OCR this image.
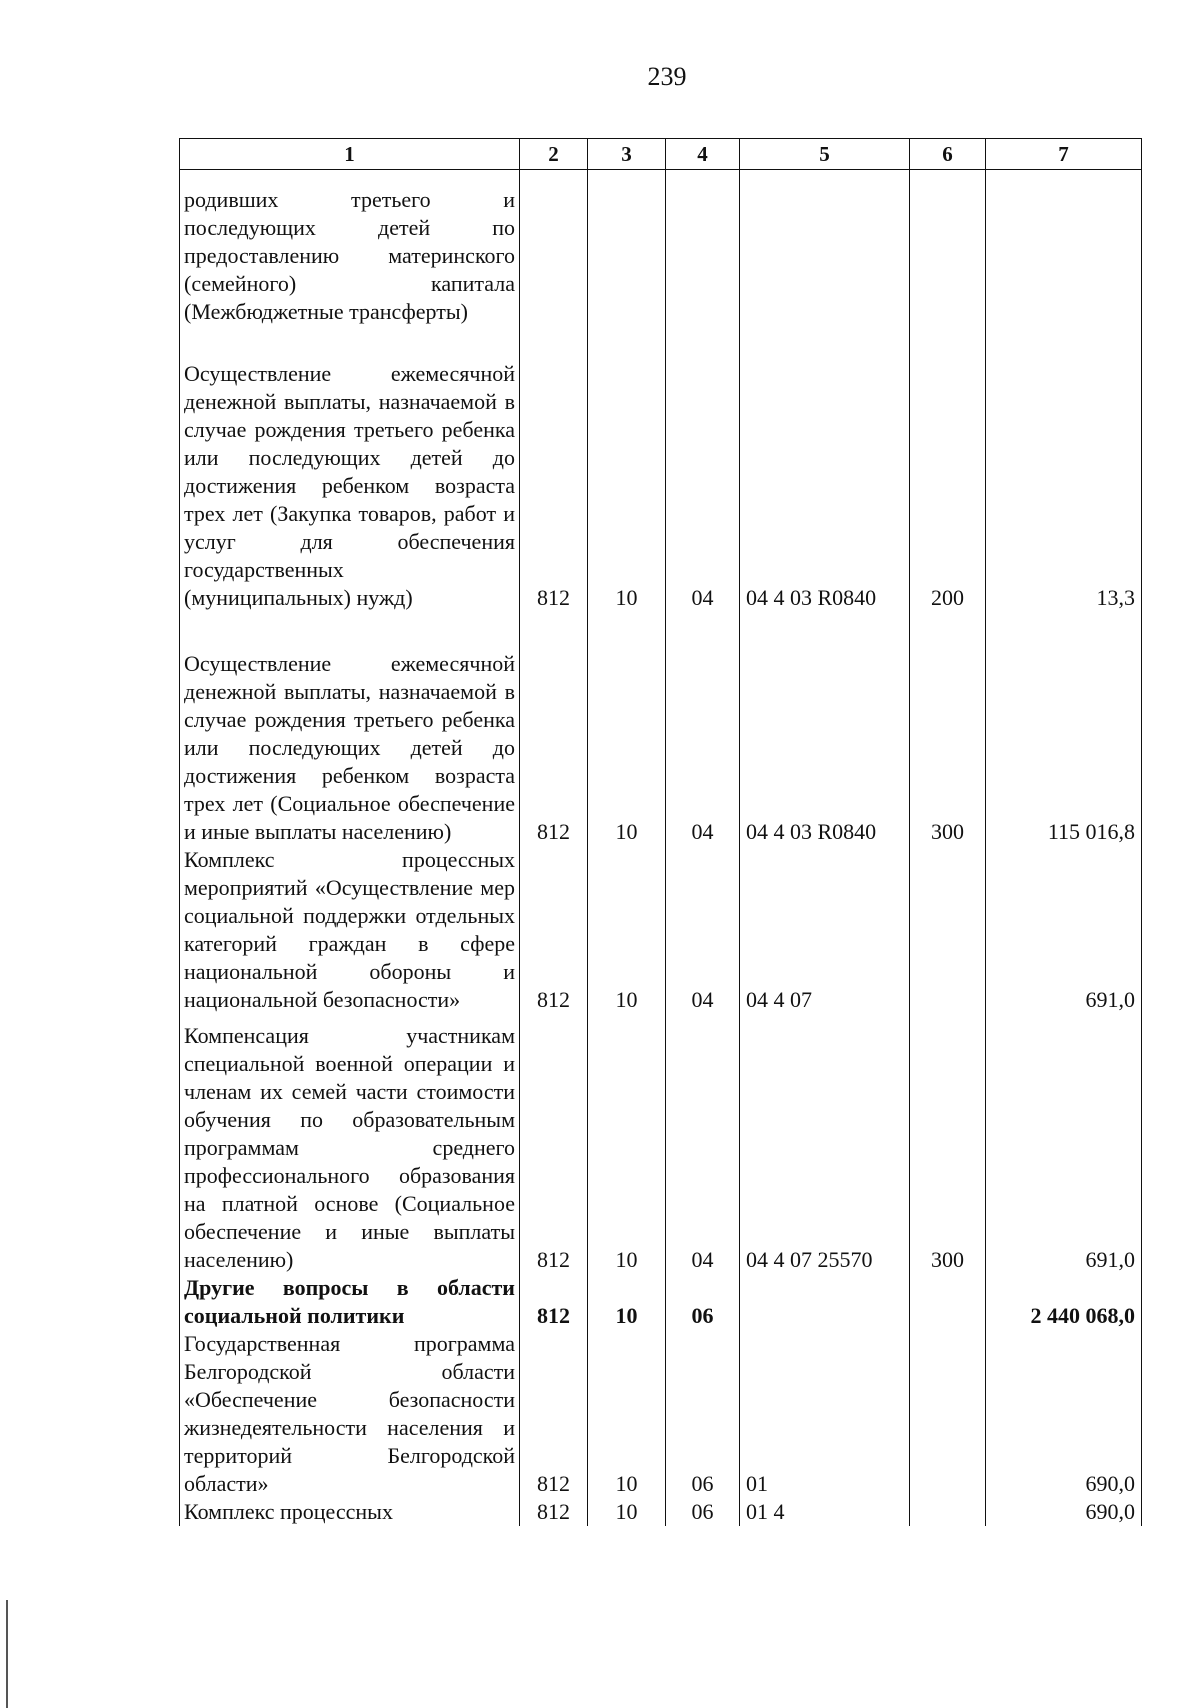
239
1	2	3	4	5	6	7
родивших третьего и последующих детей по предоставлению материнского (семейного) капитала (Межбюджетные трансферты)						
Осуществление ежемесячной денежной выплаты, назначаемой в случае рождения третьего ребенка или последующих детей до достижения ребенком возраста трех лет (Закупка товаров, работ и услуг для обеспечения государственных (муниципальных) нужд)	812	10	04	04 4 03 R0840	200	13,3
Осуществление ежемесячной денежной выплаты, назначаемой в случае рождения третьего ребенка или последующих детей до достижения ребенком возраста трех лет (Социальное обеспечение и иные выплаты населению)	812	10	04	04 4 03 R0840	300	115 016,8
Комплекс процессных мероприятий «Осуществление мер социальной поддержки отдельных категорий граждан в сфере национальной обороны и национальной безопасности»	812	10	04	04 4 07		691,0
Компенсация участникам специальной военной операции и членам их семей части стоимости обучения по образовательным программам среднего профессионального образования на платной основе (Социальное обеспечение и иные выплаты населению)	812	10	04	04 4 07 25570	300	691,0
Другие вопросы в области социальной политики	812	10	06			2 440 068,0
Государственная программа Белгородской области «Обеспечение безопасности жизнедеятельности населения и территорий Белгородской области»	812	10	06	01		690,0
Комплекс процессных	812	10	06	01 4		690,0
